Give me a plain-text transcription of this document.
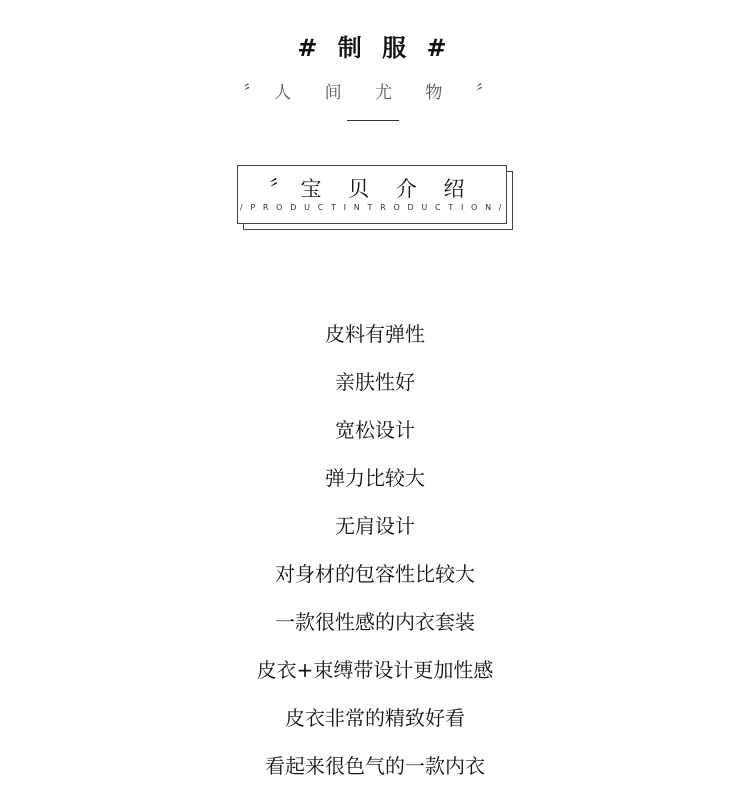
# 制 服 #
〞人 间 尤 物 〞
〞宝 贝 介 绍
/ P R O D U C T I N T R O D U C T I O N /
皮料有弹性
亲肤性好
宽松设计
弹力比较大
无肩设计
对身材的包容性比较大
一款很性感的内衣套装
皮衣+束缚带设计更加性感
皮衣非常的精致好看
看起来很色气的一款内衣
